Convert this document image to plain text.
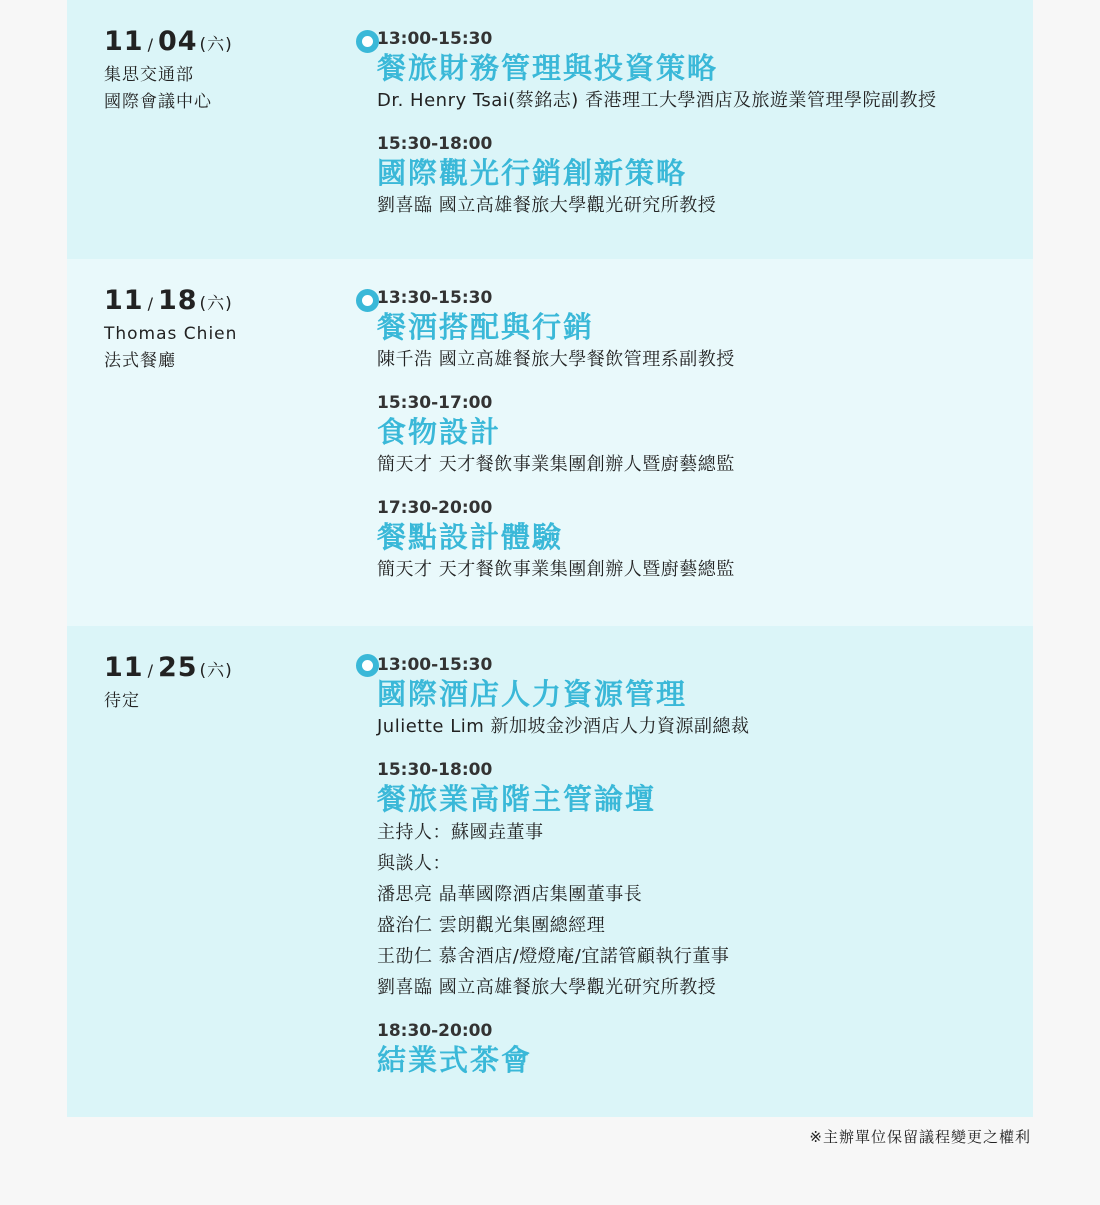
11 / 04 (六)
集思交通部
國際會議中心
13:00-15:30
餐旅財務管理與投資策略
Dr. Henry Tsai(蔡銘志) 香港理工大學酒店及旅遊業管理學院副教授
15:30-18:00
國際觀光行銷創新策略
劉喜臨 國立高雄餐旅大學觀光研究所教授
11 / 18 (六)
Thomas Chien
法式餐廳
13:30-15:30
餐酒搭配與行銷
陳千浩 國立高雄餐旅大學餐飲管理系副教授
15:30-17:00
食物設計
簡天才 天才餐飲事業集團創辦人暨廚藝總監
17:30-20:00
餐點設計體驗
簡天才 天才餐飲事業集團創辦人暨廚藝總監
11 / 25 (六)
待定
13:00-15:30
國際酒店人力資源管理
Juliette Lim 新加坡金沙酒店人力資源副總裁
15:30-18:00
餐旅業高階主管論壇
主持人：蘇國垚董事
與談人：
潘思亮 晶華國際酒店集團董事長
盛治仁 雲朗觀光集團總經理
王劭仁 慕舍酒店/燈燈庵/宜諾管顧執行董事
劉喜臨 國立高雄餐旅大學觀光研究所教授
18:30-20:00
結業式茶會
※主辦單位保留議程變更之權利
